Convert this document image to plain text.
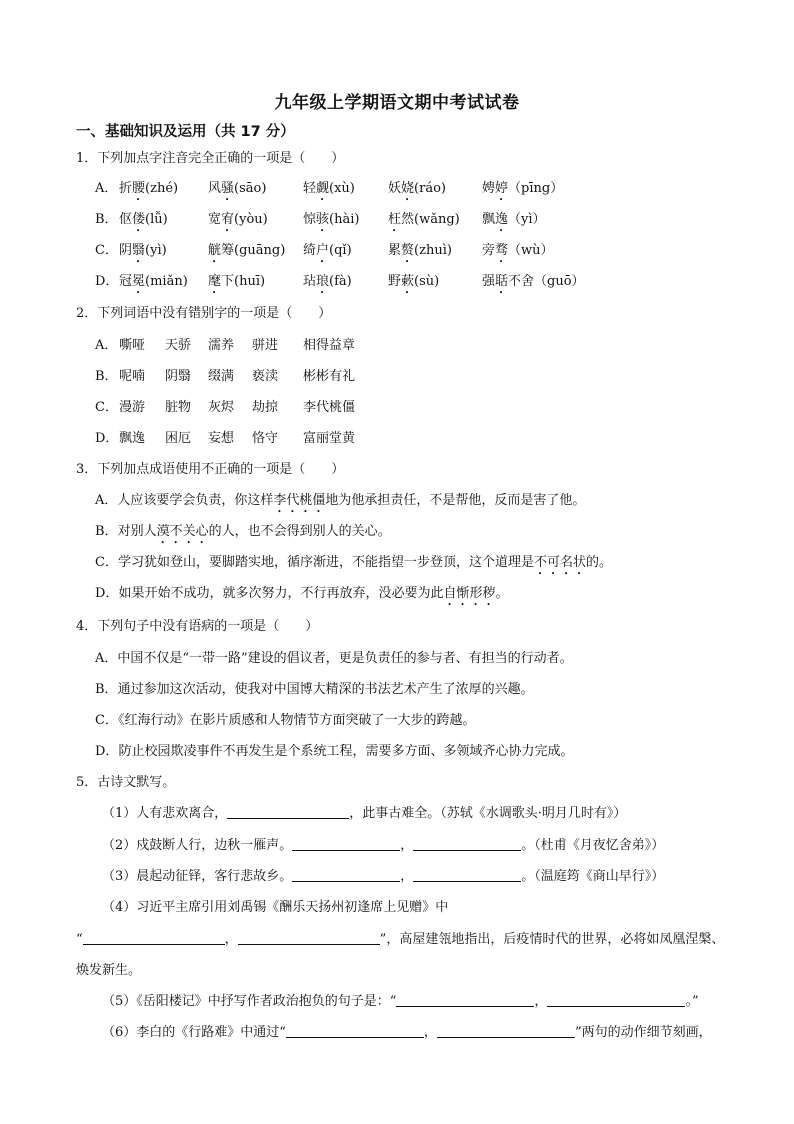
九年级上学期语文期中考试试卷
一、基础知识及运用（共 17 分）
1．下列加点字注音完全正确的一项是（　　）
A． 折腰(zhé) 风骚(sāo)	轻觑(xù)	妖娆(ráo)	娉婷（pīng）
B． 伛偻(lǚ)	宽宥(yòu)	惊骇(hài) 枉然(wǎng) 飘逸（yì）
C． 阴翳(yì)	觥筹(guāng) 绮户(qǐ)	累赘(zhuì) 旁骛（wù）
D． 冠冕(miǎn) 麾下(huī)	玷琅(fà)	野蔌(sù)	强聒不舍（guō）
2．下列词语中没有错别字的一项是（　　）
A． 嘶哑 天骄 濡养 骈进 相得益章
B． 呢喃 阴翳 缀满 亵渎 彬彬有礼
C． 漫游 脏物 灰烬 劫掠 李代桃僵
D． 飘逸 困厄 妄想 恪守 富丽堂黄
3．下列加点成语使用不正确的一项是（　　）
A．人应该要学会负责，你这样李代桃僵地为他承担责任，不是帮他，反而是害了他。
B．对别人漠不关心的人，也不会得到别人的关心。
C．学习犹如登山，要脚踏实地，循序渐进，不能指望一步登顶，这个道理是不可名状的。
D．如果开始不成功，就多次努力，不行再放弃，没必要为此自惭形秽。
4．下列句子中没有语病的一项是（　　）
A．中国不仅是“一带一路”建设的倡议者，更是负责任的参与者、有担当的行动者。
B．通过参加这次活动，使我对中国博大精深的书法艺术产生了浓厚的兴趣。
C．《红海行动》在影片质感和人物情节方面突破了一大步的跨越。
D．防止校园欺凌事件不再发生是个系统工程，需要多方面、多领域齐心协力完成。
5．古诗文默写。
（1）人有悲欢离合，	，此事古难全。（苏轼《水调歌头·明月几时有》）
（2）戍鼓断人行，边秋一雁声。	，	。（杜甫《月夜忆舍弟》）
（3）晨起动征铎，客行悲故乡。	，	。（温庭筠《商山早行》）
（4）习近平主席引用刘禹锡《酬乐天扬州初逢席上见赠》中
“	，	”，高屋建瓴地指出，后疫情时代的世界，必将如凤凰涅槃、
焕发新生。
（5）《岳阳楼记》中抒写作者政治抱负的句子是：“	，	。”
（6）李白的《行路难》中通过“	，	”两句的动作细节刻画，
